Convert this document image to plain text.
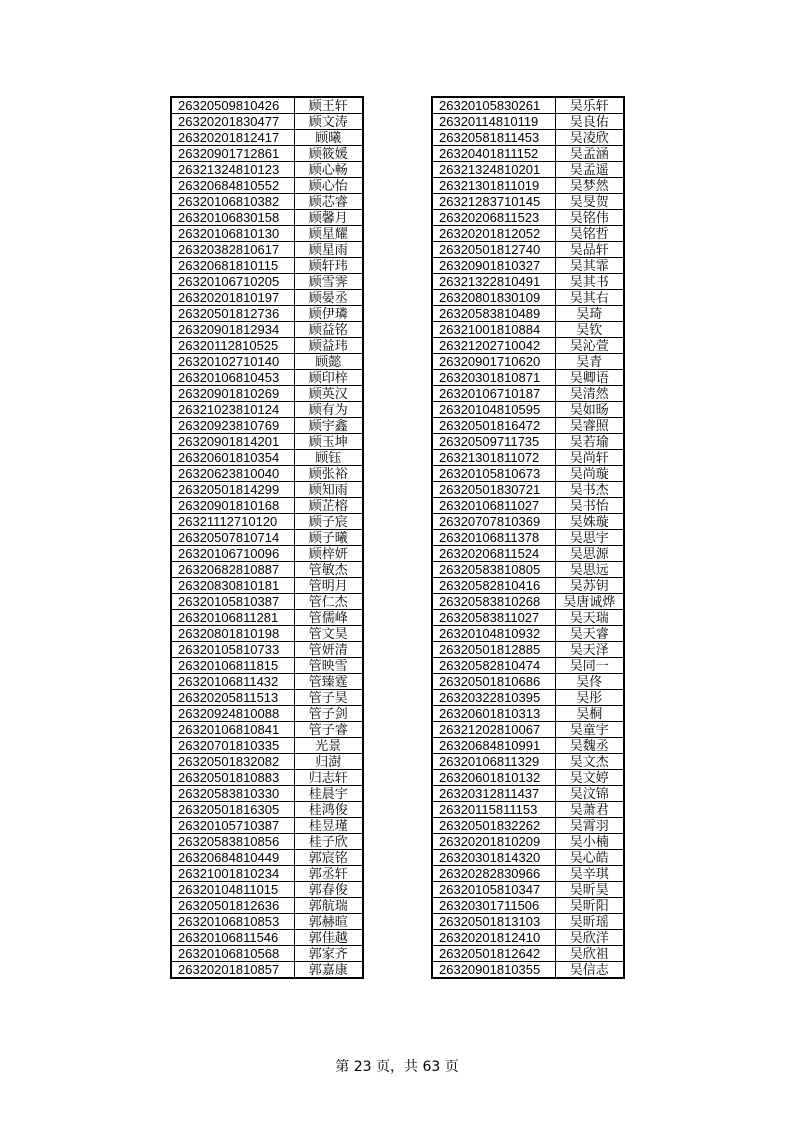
26320509810426	顾王轩
26320201830477	顾文涛
26320201812417	顾曦
26320901712861	顾筱媛
26321324810123	顾心畅
26320684810552	顾心怡
26320106810382	顾芯睿
26320106830158	顾馨月
26320106810130	顾星耀
26320382810617	顾星雨
26320681810115	顾轩玮
26320106710205	顾雪霁
26320201810197	顾晏丞
26320501812736	顾伊璘
26320901812934	顾益铭
26320112810525	顾益玮
26320102710140	顾懿
26320106810453	顾印梓
26320901810269	顾英汉
26321023810124	顾有为
26320923810769	顾宇鑫
26320901814201	顾玉坤
26320601810354	顾钰
26320623810040	顾张裕
26320501814299	顾知雨
26320901810168	顾芷榕
26321112710120	顾子宸
26320507810714	顾子曦
26320106710096	顾梓妍
26320682810887	管敏杰
26320830810181	管明月
26320105810387	管仁杰
26320106811281	管儒峰
26320801810198	管文昊
26320105810733	管妍清
26320106811815	管映雪
26320106811432	管臻霆
26320205811513	管子昊
26320924810088	管子剑
26320106810841	管子睿
26320701810335	光景
26320501832082	归澍
26320501810883	归志轩
26320583810330	桂晨宇
26320501816305	桂鸿俊
26320105710387	桂昱瑾
26320583810856	桂子欣
26320684810449	郭宸铭
26321001810234	郭丞轩
26320104811015	郭春俊
26320501812636	郭航瑞
26320106810853	郭赫暄
26320106811546	郭佳越
26320106810568	郭家齐
26320201810857	郭嘉康
26320105830261	吴乐轩
26320114810119	吴良佑
26320581811453	吴凌欣
26320401811152	吴孟涵
26321324810201	吴孟遥
26321301811019	吴梦然
26321283710145	吴旻贺
26320206811523	吴铭伟
26320201812052	吴铭哲
26320501812740	吴品轩
26320901810327	吴其霏
26321322810491	吴其书
26320801830109	吴其右
26320583810489	吴琦
26321001810884	吴钦
26321202710042	吴沁萱
26320901710620	吴青
26320301810871	吴卿语
26320106710187	吴清然
26320104810595	吴如旸
26320501816472	吴睿照
26320509711735	吴若瑜
26321301811072	吴尚轩
26320105810673	吴尚璇
26320501830721	吴书杰
26320106811027	吴书怡
26320707810369	吴姝璇
26320106811378	吴思宇
26320206811524	吴思源
26320583810805	吴思远
26320582810416	吴苏钥
26320583810268	吴唐诚烨
26320583811027	吴天瑞
26320104810932	吴天睿
26320501812885	吴天泽
26320582810474	吴同一
26320501810686	吴佟
26320322810395	吴彤
26320601810313	吴桐
26321202810067	吴童宇
26320684810991	吴魏丞
26320106811329	吴文杰
26320601810132	吴文婷
26320312811437	吴汶锦
26320115811153	吴萧君
26320501832262	吴霄羽
26320201810209	吴小楠
26320301814320	吴心皓
26320282830966	吴辛琪
26320105810347	吴昕昊
26320301711506	吴昕阳
26320501813103	吴昕瑶
26320201812410	吴欣洋
26320501812642	吴欣祖
26320901810355	吴信志
第 23 页，共 63 页
